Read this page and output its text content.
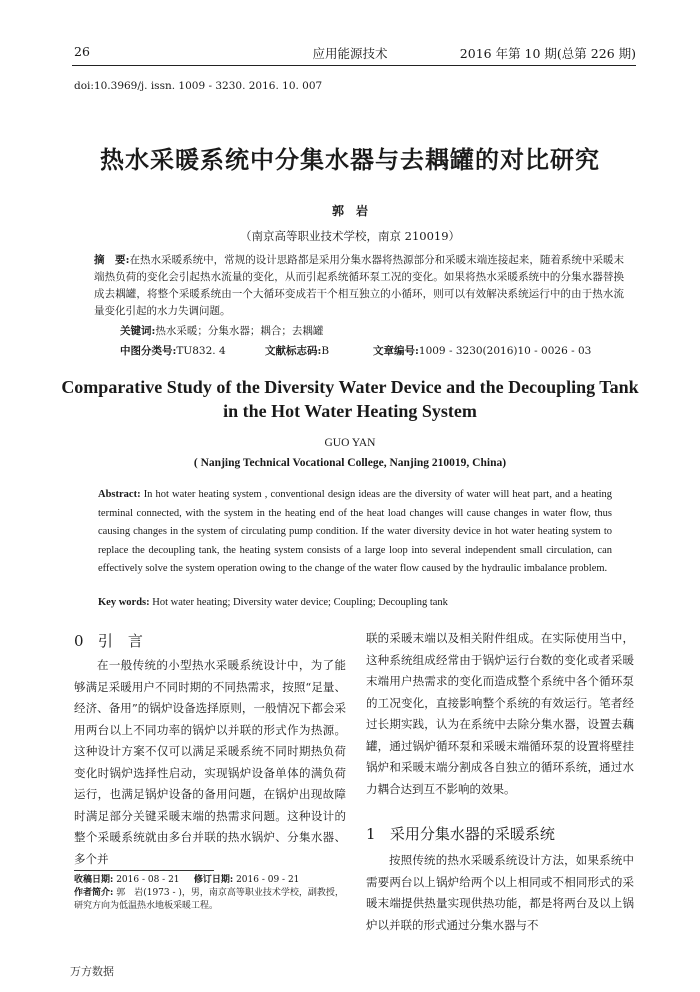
26	应用能源技术	2016 年第 10 期(总第 226 期)
doi:10.3969/j. issn. 1009 - 3230. 2016. 10. 007
热水采暖系统中分集水器与去耦罐的对比研究
郭　岩
（南京高等职业技术学校，南京 210019）
摘　要:在热水采暖系统中，常规的设计思路都是采用分集水器将热源部分和采暖末端连接起来，随着系统中采暖末端热负荷的变化会引起热水流量的变化，从而引起系统循环泵工况的变化。如果将热水采暖系统中的分集水器替换成去耦罐，将整个采暖系统由一个大循环变成若干个相互独立的小循环，则可以有效解决系统运行中的由于热水流量变化引起的水力失调问题。
关键词:热水采暖；分集水器；耦合；去耦罐
中图分类号:TU832. 4	文献标志码:B	文章编号:1009 - 3230(2016)10 - 0026 - 03
Comparative Study of the Diversity Water Device and the Decoupling Tank in the Hot Water Heating System
GUO YAN
( Nanjing Technical Vocational College, Nanjing 210019, China)
Abstract: In hot water heating system , conventional design ideas are the diversity of water will heat part, and a heating terminal connected, with the system in the heating end of the heat load changes will cause changes in water flow, thus causing changes in the system of circulating pump condition. If the water diversity device in hot water heating system to replace the decoupling tank, the heating system consists of a large loop into several independent small circulation, can effectively solve the system operation owing to the change of the water flow caused by the hydraulic imbalance problem.
Key words: Hot water heating; Diversity water device; Coupling; Decoupling tank
0 引　言

在一般传统的小型热水采暖系统设计中，为了能够满足采暖用户不同时期的不同热需求，按照“足量、经济、备用”的锅炉设备选择原则，一般情况下都会采用两台以上不同功率的锅炉以并联的形式作为热源。这种设计方案不仅可以满足采暖系统不同时期热负荷变化时锅炉选择性启动，实现锅炉设备单体的满负荷运行，也满足锅炉设备的备用问题，在锅炉出现故障时满足部分关键采暖末端的热需求问题。这种设计的整个采暖系统就由多台并联的热水锅炉、分集水器、多个并

联的采暖末端以及相关附件组成。在实际使用当中，这种系统组成经常由于锅炉运行台数的变化或者采暖末端用户热需求的变化而造成整个系统中各个循环泵的工况变化，直接影响整个系统的有效运行。笔者经过长期实践，认为在系统中去除分集水器，设置去藕罐，通过锅炉循环泵和采暖末端循环泵的设置将壁挂锅炉和采暖末端分割成各自独立的循环系统，通过水力耦合达到互不影响的效果。

1 采用分集水器的采暖系统

按照传统的热水采暖系统设计方法，如果系统中需要两台以上锅炉给两个以上相同或不相同形式的采暖末端提供热量实现供热功能，都是将两台及以上锅炉以并联的形式通过分集水器与不

收稿日期: 2016 - 08 - 21 修订日期: 2016 - 09 - 21
作者简介: 郭　岩(1973 - )，男，南京高等职业技术学校，副教授，研究方向为低温热水地板采暖工程。
万方数据
